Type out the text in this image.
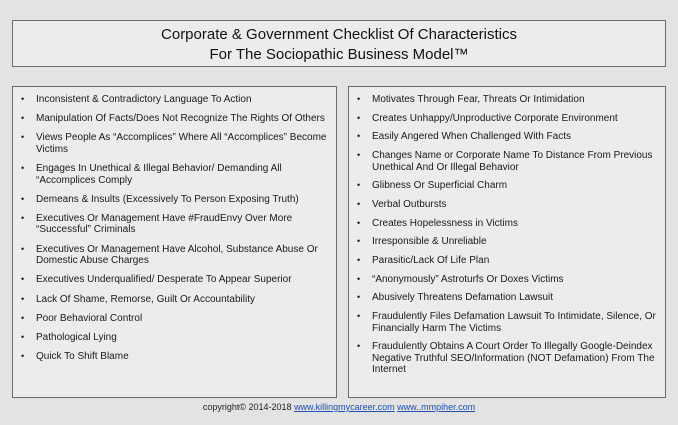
Corporate & Government Checklist Of Characteristics
For The Sociopathic Business Model™
• Inconsistent & Contradictory Language To Action
• Manipulation Of Facts/Does Not Recognize The Rights Of Others
• Views People As “Accomplices” Where All “Accomplices” Become Victims
• Engages In Unethical & Illegal Behavior/ Demanding All “Accomplices Comply
• Demeans & Insults (Excessively To Person Exposing Truth)
• Executives Or Management Have #FraudEnvy Over More “Successful” Criminals
• Executives Or Management Have Alcohol, Substance Abuse Or Domestic Abuse Charges
• Executives Underqualified/ Desperate To Appear Superior
• Lack Of Shame, Remorse, Guilt Or Accountability
• Poor Behavioral Control
• Pathological Lying
• Quick To Shift Blame
• Motivates Through Fear, Threats Or Intimidation
• Creates Unhappy/Unproductive Corporate Environment
• Easily Angered When Challenged With Facts
• Changes Name or Corporate Name To Distance From Previous Unethical And Or Illegal Behavior
• Glibness Or Superficial Charm
• Verbal Outbursts
• Creates Hopelessness in Victims
• Irresponsible & Unreliable
• Parasitic/Lack Of Life Plan
• “Anonymously” Astroturfs Or Doxes Victims
• Abusively Threatens Defamation Lawsuit
• Fraudulently Files Defamation Lawsuit To Intimidate, Silence, Or Financially Harm The Victims
• Fraudulently Obtains A Court Order To Illegally Google-Deindex Negative Truthful SEO/Information (NOT Defamation) From The Internet
copyright© 2014-2018 www.killingmycareer.com www..mmpiher.com
